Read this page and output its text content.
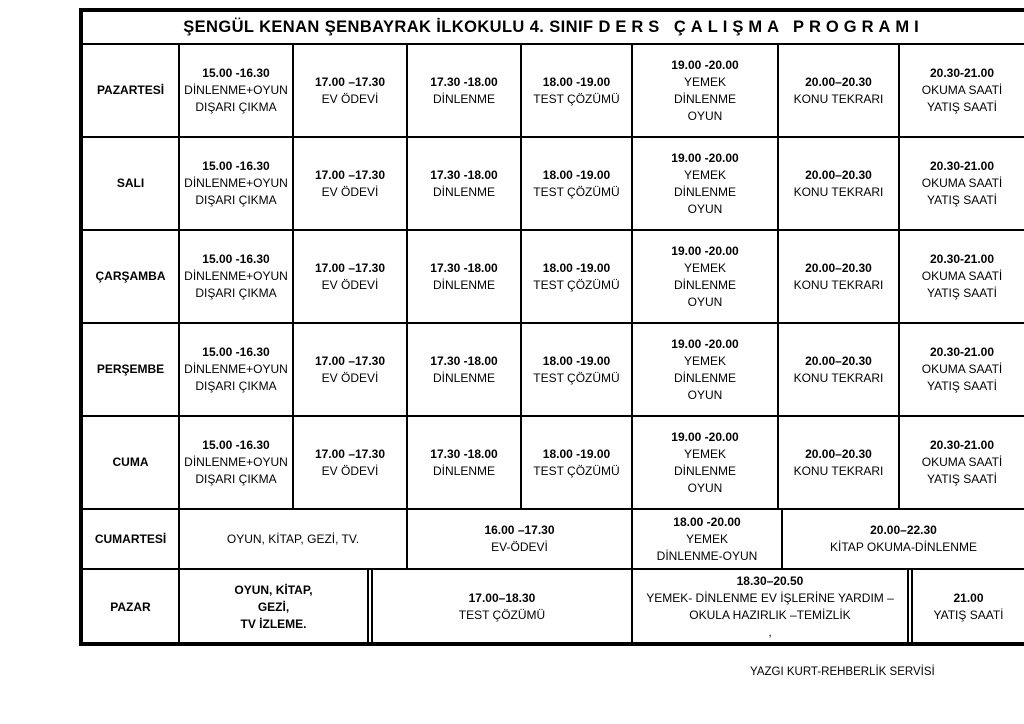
ŞENGÜL KENAN ŞENBAYRAK İLKOKULU 4. SINIF DERS ÇALIŞMA PROGRAMI
PAZARTESİ
15.00 -16.30
DİNLENME+OYUN
DIŞARI ÇIKMA
17.00 –17.30
EV ÖDEVİ
17.30 -18.00
DİNLENME
18.00 -19.00
TEST ÇÖZÜMÜ
19.00 -20.00
YEMEK
DİNLENME
OYUN
20.00–20.30
KONU TEKRARI
20.30-21.00
OKUMA SAATİ
YATIŞ SAATİ
SALI
15.00 -16.30
DİNLENME+OYUN
DIŞARI ÇIKMA
17.00 –17.30
EV ÖDEVİ
17.30 -18.00
DİNLENME
18.00 -19.00
TEST ÇÖZÜMÜ
19.00 -20.00
YEMEK
DİNLENME
OYUN
20.00–20.30
KONU TEKRARI
20.30-21.00
OKUMA SAATİ
YATIŞ SAATİ
ÇARŞAMBA
15.00 -16.30
DİNLENME+OYUN
DIŞARI ÇIKMA
17.00 –17.30
EV ÖDEVİ
17.30 -18.00
DİNLENME
18.00 -19.00
TEST ÇÖZÜMÜ
19.00 -20.00
YEMEK
DİNLENME
OYUN
20.00–20.30
KONU TEKRARI
20.30-21.00
OKUMA SAATİ
YATIŞ SAATİ
PERŞEMBE
15.00 -16.30
DİNLENME+OYUN
DIŞARI ÇIKMA
17.00 –17.30
EV ÖDEVİ
17.30 -18.00
DİNLENME
18.00 -19.00
TEST ÇÖZÜMÜ
19.00 -20.00
YEMEK
DİNLENME
OYUN
20.00–20.30
KONU TEKRARI
20.30-21.00
OKUMA SAATİ
YATIŞ SAATİ
CUMA
15.00 -16.30
DİNLENME+OYUN
DIŞARI ÇIKMA
17.00 –17.30
EV ÖDEVİ
17.30 -18.00
DİNLENME
18.00 -19.00
TEST ÇÖZÜMÜ
19.00 -20.00
YEMEK
DİNLENME
OYUN
20.00–20.30
KONU TEKRARI
20.30-21.00
OKUMA SAATİ
YATIŞ SAATİ
CUMARTESİ	OYUN, KİTAP, GEZİ, TV.
16.00 –17.30
EV-ÖDEVİ
18.00 -20.00
YEMEK
DİNLENME-OYUN
20.00–22.30
KİTAP OKUMA-DİNLENME
PAZAR
OYUN, KİTAP,
GEZİ,
TV İZLEME.
17.00–18.30
TEST ÇÖZÜMÜ
18.30–20.50
YEMEK- DİNLENME EV İŞLERİNE YARDIM –
OKULA HAZIRLIK –TEMİZLİK
,
21.00
YATIŞ SAATİ
YAZGI KURT-REHBERLİK SERVİSİ
